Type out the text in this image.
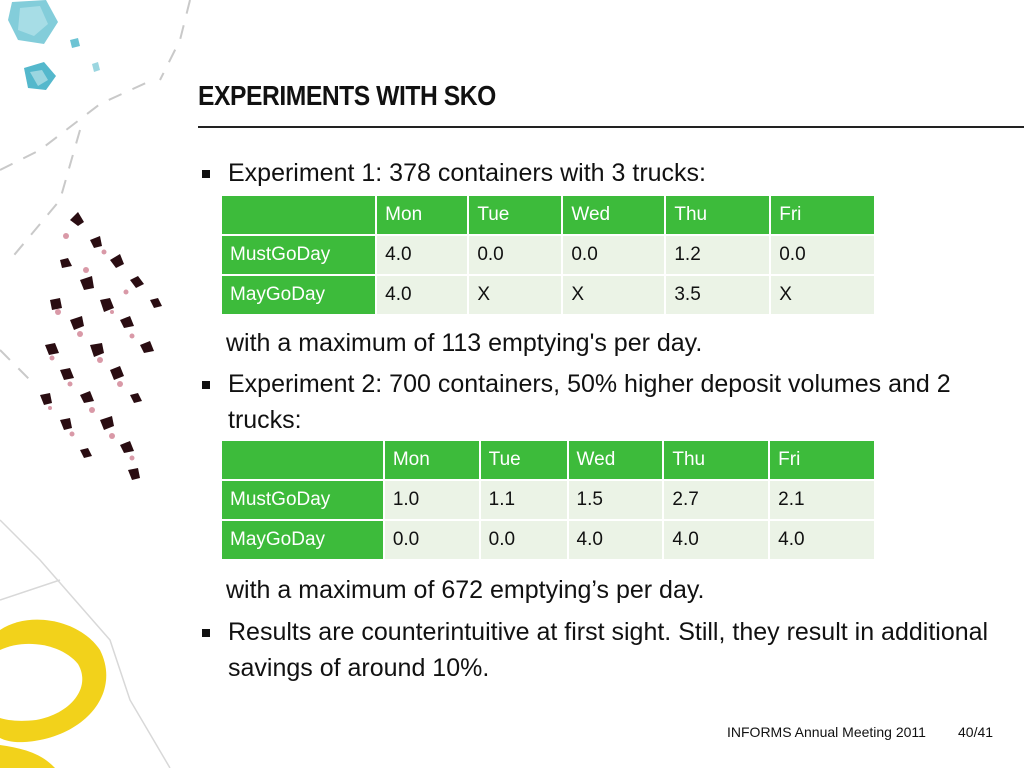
EXPERIMENTS WITH SKO
Experiment 1: 378 containers with 3 trucks:
	Mon	Tue	Wed	Thu	Fri
MustGoDay	4.0	0.0	0.0	1.2	0.0
MayGoDay	4.0	X	X	3.5	X
with a maximum of 113 emptying's per day.
Experiment 2: 700 containers, 50% higher deposit volumes and 2 trucks:
	Mon	Tue	Wed	Thu	Fri
MustGoDay	1.0	1.1	1.5	2.7	2.1
MayGoDay	0.0	0.0	4.0	4.0	4.0
with a maximum of 672 emptying’s per day.
Results are counterintuitive at first sight. Still, they result in additional savings of around 10%.
INFORMS Annual Meeting 2011 40/41
